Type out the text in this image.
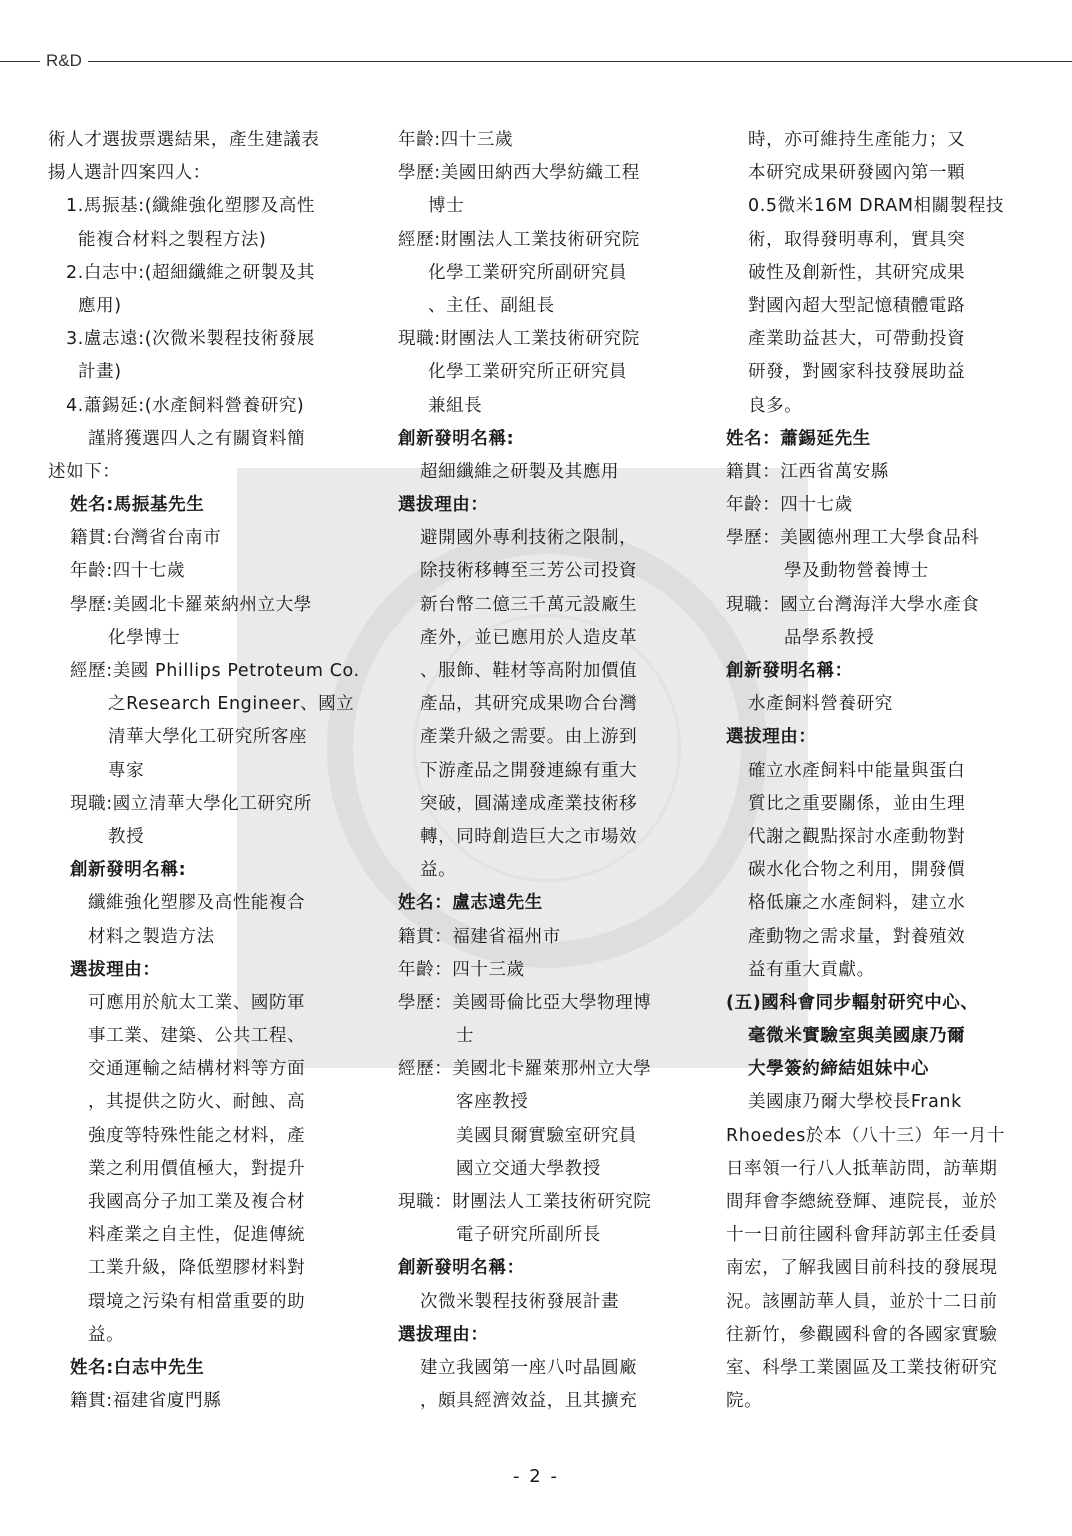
R&D
術人才選拔票選結果，產生建議表
揚人選計四案四人：
1.馬振基:(纖維強化塑膠及高性
能複合材料之製程方法)
2.白志中:(超細纖維之研製及其
應用)
3.盧志遠:(次微米製程技術發展
計畫)
4.蕭錫延:(水產飼料營養研究)
謹將獲選四人之有關資料簡
述如下：
姓名:馬振基先生
籍貫:台灣省台南市
年齡:四十七歲
學歷:美國北卡羅萊納州立大學
化學博士
經歷:美國 Phillips Petroteum Co.
之Research Engineer、國立
清華大學化工研究所客座
專家
現職:國立清華大學化工研究所
教授
創新發明名稱:
纖維強化塑膠及高性能複合
材料之製造方法
選拔理由：
可應用於航太工業、國防軍
事工業、建築、公共工程、
交通運輸之結構材料等方面
，其提供之防火、耐蝕、高
強度等特殊性能之材料，產
業之利用價值極大，對提升
我國高分子加工業及複合材
料產業之自主性，促進傳統
工業升級，降低塑膠材料對
環境之污染有相當重要的助
益。
姓名:白志中先生
籍貫:福建省廈門縣
年齡:四十三歲
學歷:美國田納西大學紡織工程
博士
經歷:財團法人工業技術研究院
化學工業研究所副研究員
、主任、副組長
現職:財團法人工業技術研究院
化學工業研究所正研究員
兼組長
創新發明名稱:
超細纖維之研製及其應用
選拔理由：
避開國外專利技術之限制，
除技術移轉至三芳公司投資
新台幣二億三千萬元設廠生
產外，並已應用於人造皮革
、服飾、鞋材等高附加價值
產品，其研究成果吻合台灣
產業升級之需要。由上游到
下游產品之開發連線有重大
突破，圓滿達成產業技術移
轉，同時創造巨大之市場效
益。
姓名：盧志遠先生
籍貫：福建省福州市
年齡：四十三歲
學歷：美國哥倫比亞大學物理博
士
經歷：美國北卡羅萊那州立大學
客座教授
美國貝爾實驗室研究員
國立交通大學教授
現職：財團法人工業技術研究院
電子研究所副所長
創新發明名稱：
次微米製程技術發展計畫
選拔理由：
建立我國第一座八吋晶圓廠
，頗具經濟效益，且其擴充
時，亦可維持生產能力；又
本研究成果研發國內第一顆
0.5微米16M DRAM相關製程技
術，取得發明專利，實具突
破性及創新性，其研究成果
對國內超大型記憶積體電路
產業助益甚大，可帶動投資
研發，對國家科技發展助益
良多。
姓名：蕭錫延先生
籍貫：江西省萬安縣
年齡：四十七歲
學歷：美國德州理工大學食品科
學及動物營養博士
現職：國立台灣海洋大學水產食
品學系教授
創新發明名稱：
水產飼料營養研究
選拔理由：
確立水產飼料中能量與蛋白
質比之重要關係，並由生理
代謝之觀點探討水產動物對
碳水化合物之利用，開發價
格低廉之水產飼料，建立水
產動物之需求量，對養殖效
益有重大貢獻。
(五)國科會同步輻射研究中心、
毫微米實驗室與美國康乃爾
大學簽約締結姐妹中心
美國康乃爾大學校長Frank
Rhoedes於本（八十三）年一月十
日率領一行八人抵華訪問，訪華期
間拜會李總統登輝、連院長，並於
十一日前往國科會拜訪郭主任委員
南宏，了解我國目前科技的發展現
況。該團訪華人員，並於十二日前
往新竹，參觀國科會的各國家實驗
室、科學工業園區及工業技術研究
院。
- 2 -
